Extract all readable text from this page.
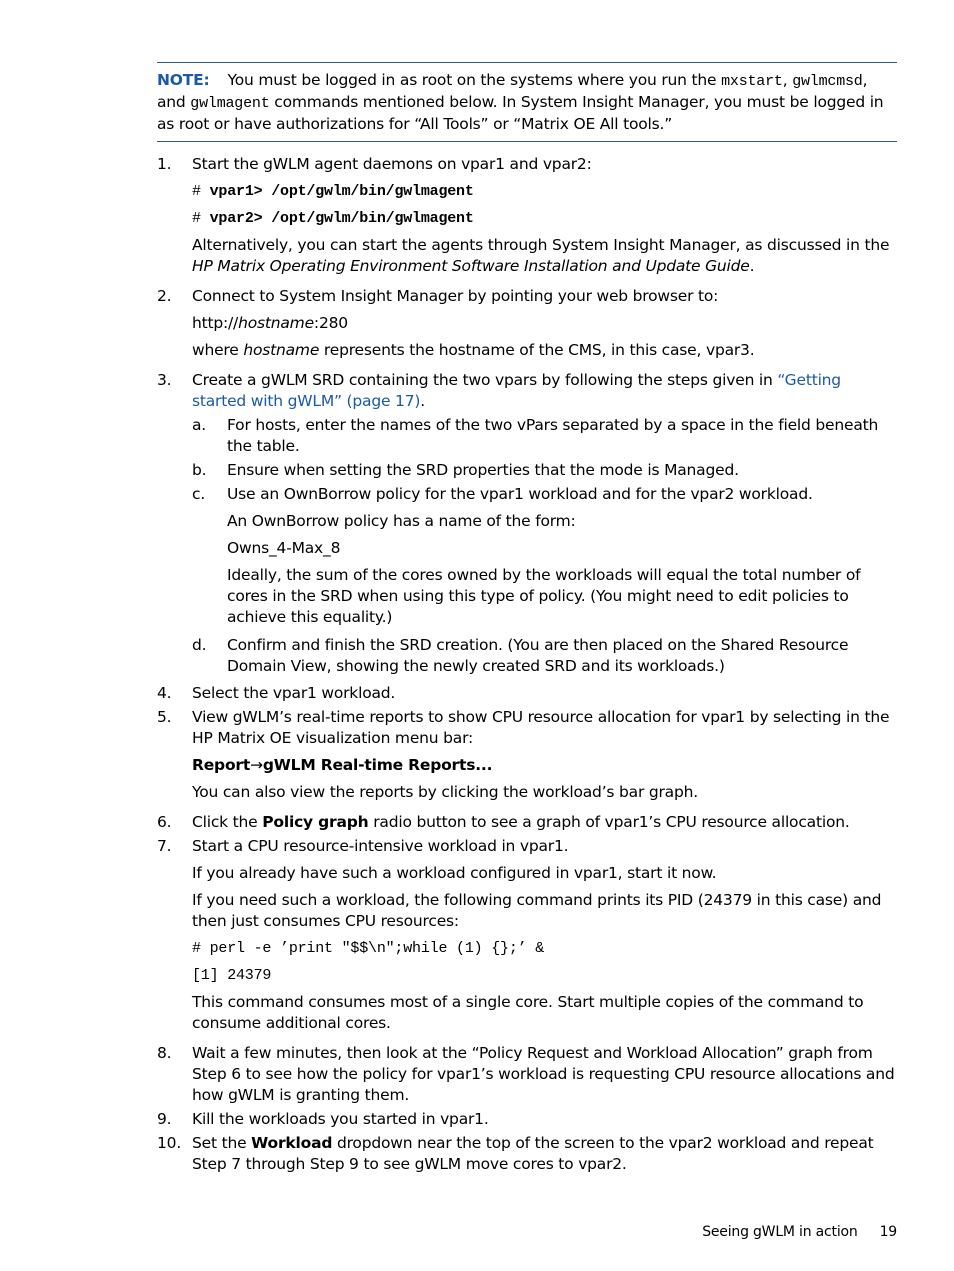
NOTE: You must be logged in as root on the systems where you run the mxstart, gwlmcmsd, and gwlmagent commands mentioned below. In System Insight Manager, you must be logged in as root or have authorizations for “All Tools” or “Matrix OE All tools.”
1.	Start the gWLM agent daemons on vpar1 and vpar2:

# vpar1> /opt/gwlm/bin/gwlmagent

# vpar2> /opt/gwlm/bin/gwlmagent

Alternatively, you can start the agents through System Insight Manager, as discussed in the HP Matrix Operating Environment Software Installation and Update Guide.

2.	Connect to System Insight Manager by pointing your web browser to:

http://hostname:280

where hostname represents the hostname of the CMS, in this case, vpar3.

3.	Create a gWLM SRD containing the two vpars by following the steps given in “Getting started with gWLM” (page 17).

a.	For hosts, enter the names of the two vPars separated by a space in the field beneath the table.

b.	Ensure when setting the SRD properties that the mode is Managed.

c.	Use an OwnBorrow policy for the vpar1 workload and for the vpar2 workload.

An OwnBorrow policy has a name of the form:

Owns_4-Max_8

Ideally, the sum of the cores owned by the workloads will equal the total number of cores in the SRD when using this type of policy. (You might need to edit policies to achieve this equality.)

d.	Confirm and finish the SRD creation. (You are then placed on the Shared Resource Domain View, showing the newly created SRD and its workloads.)

4.	Select the vpar1 workload.

5.	View gWLM’s real-time reports to show CPU resource allocation for vpar1 by selecting in the HP Matrix OE visualization menu bar:

Report→gWLM Real-time Reports...

You can also view the reports by clicking the workload’s bar graph.

6.	Click the Policy graph radio button to see a graph of vpar1’s CPU resource allocation.

7.	Start a CPU resource-intensive workload in vpar1.

If you already have such a workload configured in vpar1, start it now.

If you need such a workload, the following command prints its PID (24379 in this case) and then just consumes CPU resources:

# perl -e ’print "$$\n";while (1) {};’ &

[1] 24379

This command consumes most of a single core. Start multiple copies of the command to consume additional cores.

8.	Wait a few minutes, then look at the “Policy Request and Workload Allocation” graph from Step 6 to see how the policy for vpar1’s workload is requesting CPU resource allocations and how gWLM is granting them.

9.	Kill the workloads you started in vpar1.

10. Set the Workload dropdown near the top of the screen to the vpar2 workload and repeat Step 7 through Step 9 to see gWLM move cores to vpar2.

Seeing gWLM in action 19
